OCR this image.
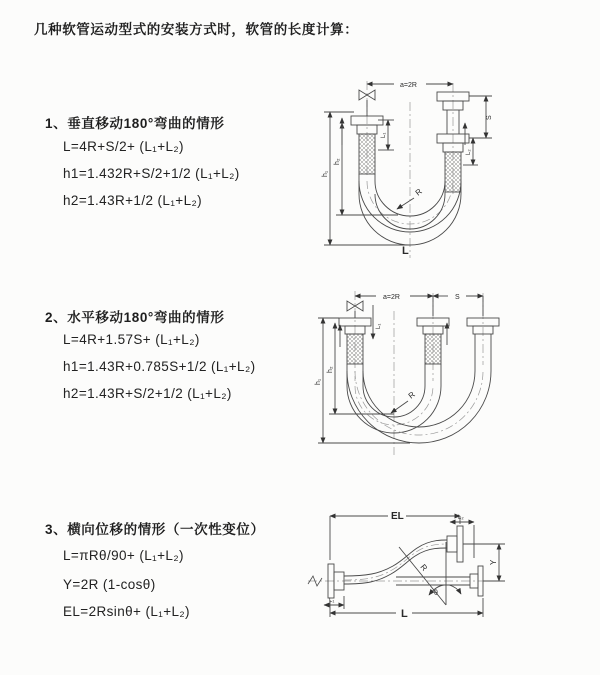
几种软管运动型式的安装方式时，软管的长度计算：
1、垂直移动180°弯曲的情形
L=4R+S/2+ (L₁+L₂)
h1=1.432R+S/2+1/2 (L₁+L₂)
h2=1.43R+1/2 (L₁+L₂)
2、水平移动180°弯曲的情形
L=4R+1.57S+ (L₁+L₂)
h1=1.43R+0.785S+1/2 (L₁+L₂)
h2=1.43R+S/2+1/2 (L₁+L₂)
3、横向位移的情形（一次性变位）
L=πRθ/90+ (L₁+L₂)
Y=2R (1-cosθ)
EL=2Rsinθ+ (L₁+L₂)
a=2R
S
L₂
L₁
h₁
h₂
R
L
a=2R	S
L₁
h₁
h₂
R
EL	L₂
Y
R
θ
L
L₁
